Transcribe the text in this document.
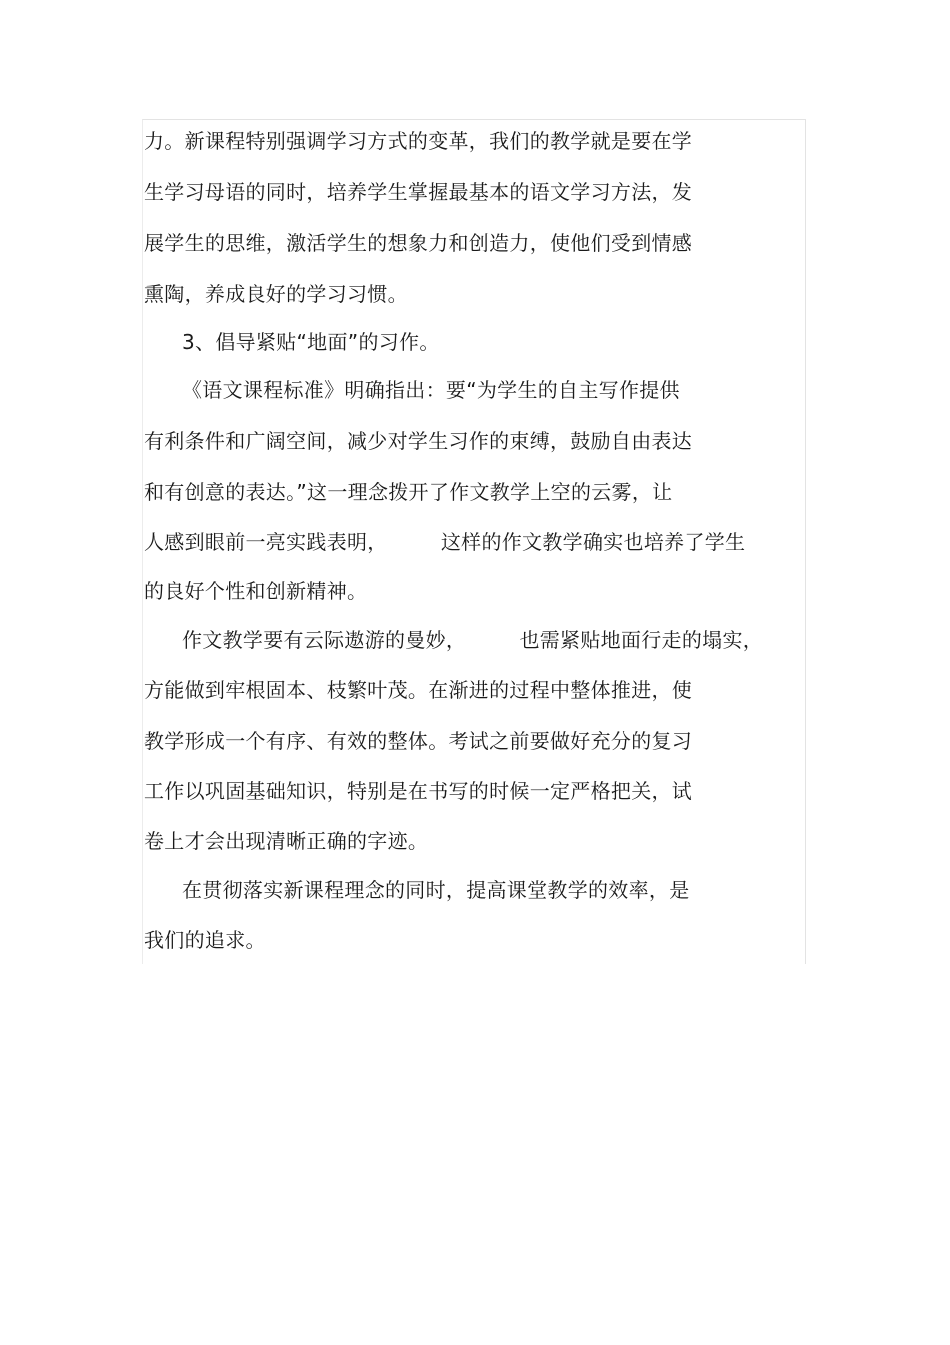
力。新课程特别强调学习方式的变革，我们的教学就是要在学
生学习母语的同时，培养学生掌握最基本的语文学习方法，发
展学生的思维，激活学生的想象力和创造力，使他们受到情感
熏陶，养成良好的学习习惯。
3、倡导紧贴“地面”的习作。
《语文课程标准》明确指出：要“为学生的自主写作提供
有利条件和广阔空间，减少对学生习作的束缚，鼓励自由表达
和有创意的表达。”这一理念拨开了作文教学上空的云雾，让
人感到眼前一亮实践表明，        这样的作文教学确实也培养了学生
的良好个性和创新精神。
作文教学要有云际遨游的曼妙，        也需紧贴地面行走的塌实，
方能做到牢根固本、枝繁叶茂。在渐进的过程中整体推进，使
教学形成一个有序、有效的整体。考试之前要做好充分的复习
工作以巩固基础知识，特别是在书写的时候一定严格把关，试
卷上才会出现清晰正确的字迹。
在贯彻落实新课程理念的同时，提高课堂教学的效率，是
我们的追求。
